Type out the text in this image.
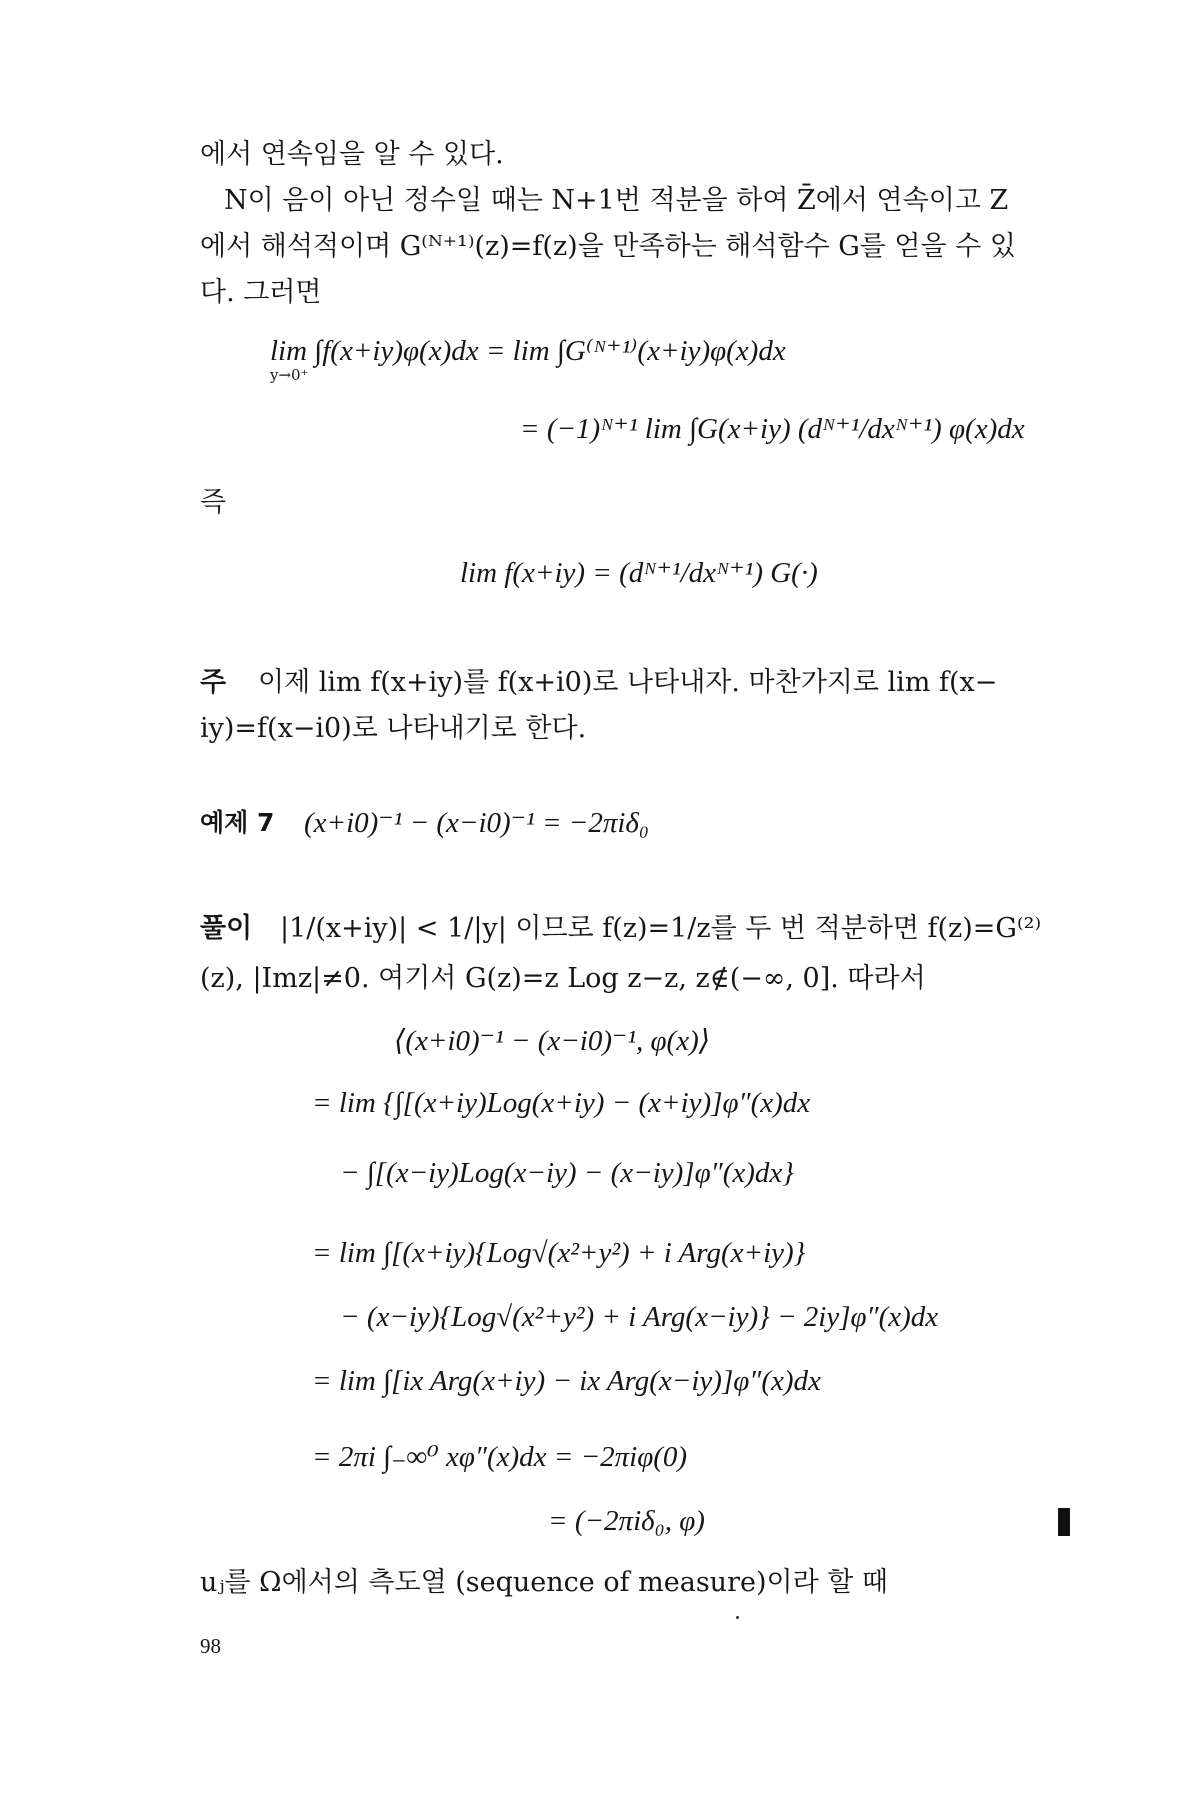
에서 연속임을 알 수 있다.
N이 음이 아닌 정수일 때는 N+1번 적분을 하여 Z̄에서 연속이고 Z
에서 해석적이며 G⁽ᴺ⁺¹⁾(z)=f(z)을 만족하는 해석함수 G를 얻을 수 있
다. 그러면
lim ∫f(x+iy)φ(x)dx = lim ∫G⁽ᴺ⁺¹⁾(x+iy)φ(x)dx
y→0⁺
= (−1)ᴺ⁺¹ lim ∫G(x+iy) (dᴺ⁺¹/dxᴺ⁺¹) φ(x)dx
즉
lim f(x+iy) = (dᴺ⁺¹/dxᴺ⁺¹) G(·)
주 이제 lim f(x+iy)를 f(x+i0)로 나타내자. 마찬가지로 lim f(x−
iy)=f(x−i0)로 나타내기로 한다.
예제 7 (x+i0)⁻¹ − (x−i0)⁻¹ = −2πiδ₀
풀이 |1/(x+iy)| < 1/|y| 이므로 f(z)=1/z를 두 번 적분하면 f(z)=G⁽²⁾
(z), |Imz|≠0. 여기서 G(z)=z Log z−z, z∉(−∞, 0]. 따라서
⟨(x+i0)⁻¹ − (x−i0)⁻¹, φ(x)⟩
= lim {∫[(x+iy)Log(x+iy) − (x+iy)]φ″(x)dx
− ∫[(x−iy)Log(x−iy) − (x−iy)]φ″(x)dx}
= lim ∫[(x+iy){Log√(x²+y²) + i Arg(x+iy)}
− (x−iy){Log√(x²+y²) + i Arg(x−iy)} − 2iy]φ″(x)dx
= lim ∫[ix Arg(x+iy) − ix Arg(x−iy)]φ″(x)dx
= 2πi ∫₋∞⁰ xφ″(x)dx = −2πiφ(0)
= (−2πiδ₀, φ)
uⱼ를 Ω에서의 측도열 (sequence of measure)이라 할 때
98
